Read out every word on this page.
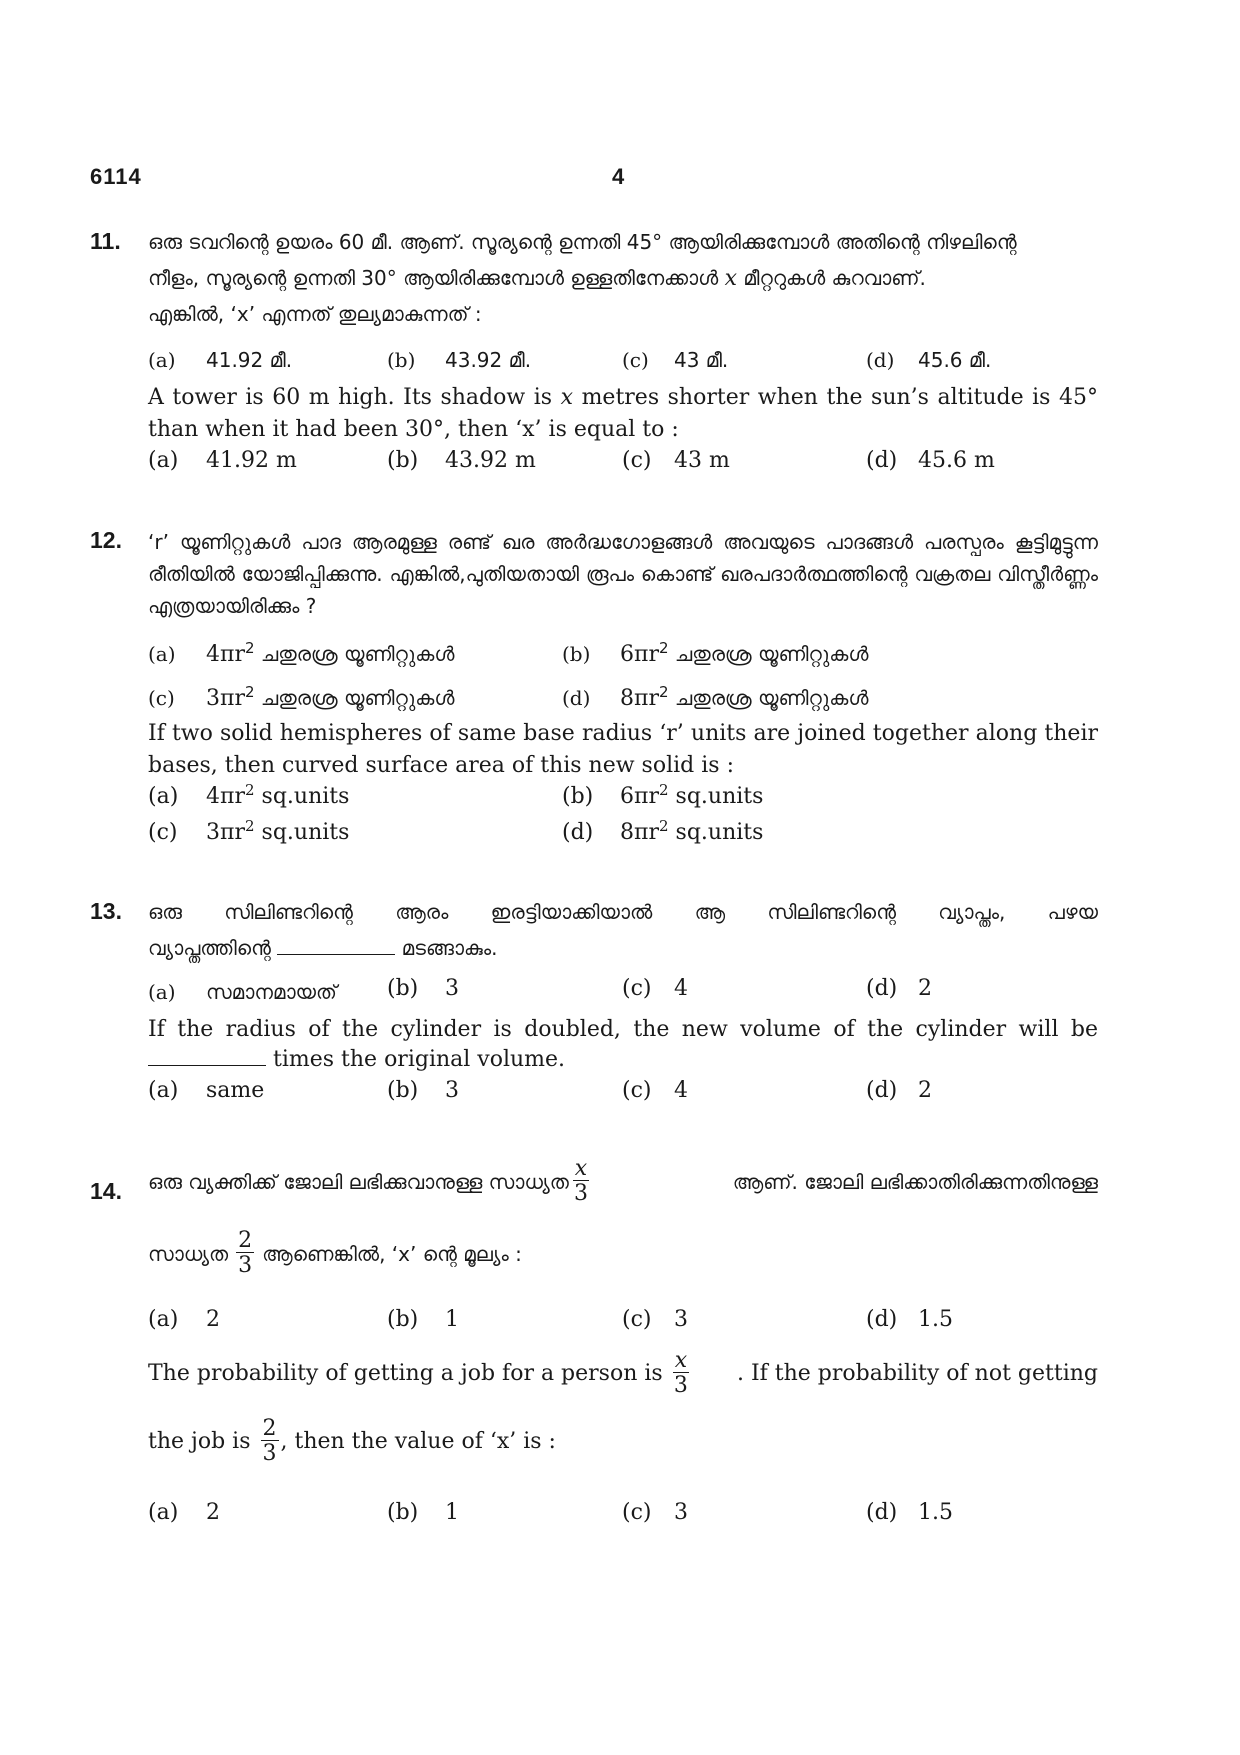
6114	4
11. ഒരു ടവറിന്റെ ഉയരം 60 മീ. ആണ്. സൂര്യന്റെ ഉന്നതി 45° ആയിരിക്കുമ്പോൾ അതിന്റെ നിഴലിന്റെ
നീളം, സൂര്യന്റെ ഉന്നതി 30° ആയിരിക്കുമ്പോൾ ഉള്ളതിനേക്കാൾ x മീറ്ററുകൾ കുറവാണ്.
എങ്കിൽ, ‘x’ എന്നത് തുല്യമാകുന്നത് :
(a) 41.92 മീ.	(b) 43.92 മീ.	(c) 43 മീ.	(d) 45.6 മീ.
A tower is 60 m high. Its shadow is x metres shorter when the sun’s altitude is 45° than when it had been 30°, then ‘x’ is equal to :
(a) 41.92 m	(b) 43.92 m	(c) 43 m	(d) 45.6 m
12. ‘r’ യൂണിറ്റുകൾ പാദ ആരമുള്ള രണ്ട് ഖര അർദ്ധഗോളങ്ങൾ അവയുടെ പാദങ്ങൾ പരസ്പരം കൂട്ടിമുട്ടുന്ന രീതിയിൽ യോജിപ്പിക്കുന്നു. എങ്കിൽ,പുതിയതായി രൂപം കൊണ്ട് ഖരപദാർത്ഥത്തിന്റെ വക്രതല വിസ്തീർണ്ണം എത്രയായിരിക്കും ?
(a) $4\pi r^2$ ചതുരശ്ര യൂണിറ്റുകൾ	(b) $6\pi r^2$ ചതുരശ്ര യൂണിറ്റുകൾ
(c) $3\pi r^2$ ചതുരശ്ര യൂണിറ്റുകൾ	(d) $8\pi r^2$ ചതുരശ്ര യൂണിറ്റുകൾ
If two solid hemispheres of same base radius ‘r’ units are joined together along their bases, then curved surface area of this new solid is :
(a) $4\pi r^2$ sq.units	(b) $6\pi r^2$ sq.units
(c) $3\pi r^2$ sq.units	(d) $8\pi r^2$ sq.units
13. ഒരു സിലിണ്ടറിന്റെ ആരം ഇരട്ടിയാക്കിയാൽ ആ സിലിണ്ടറിന്റെ വ്യാപ്തം, പഴയ
വ്യാപ്തത്തിന്റെ	മടങ്ങാകും.
(a) സമാനമായത് (b) 3	(c) 4	(d) 2
If the radius of the cylinder is doubled, the new volume of the cylinder will be
times the original volume.
(a) same	(b) 3	(c) 4	(d) 2
14. ഒരു വ്യക്തിക്ക് ജോലി ലഭിക്കുവാനുള്ള സാധ്യത $\frac{x}{3}$	ആണ്. ജോലി ലഭിക്കാതിരിക്കുന്നതിനുള്ള
സാധ്യത $\frac{2}{3}$ ആണെങ്കിൽ, ‘x’ ന്റെ മൂല്യം :
(a) 2	(b) 1	(c) 3	(d) 1.5
The probability of getting a job for a person is $\frac{x}{3}$ . If the probability of not getting
the job is $\frac{2}{3}$ , then the value of ‘x’ is :
(a) 2	(b) 1	(c) 3	(d) 1.5
